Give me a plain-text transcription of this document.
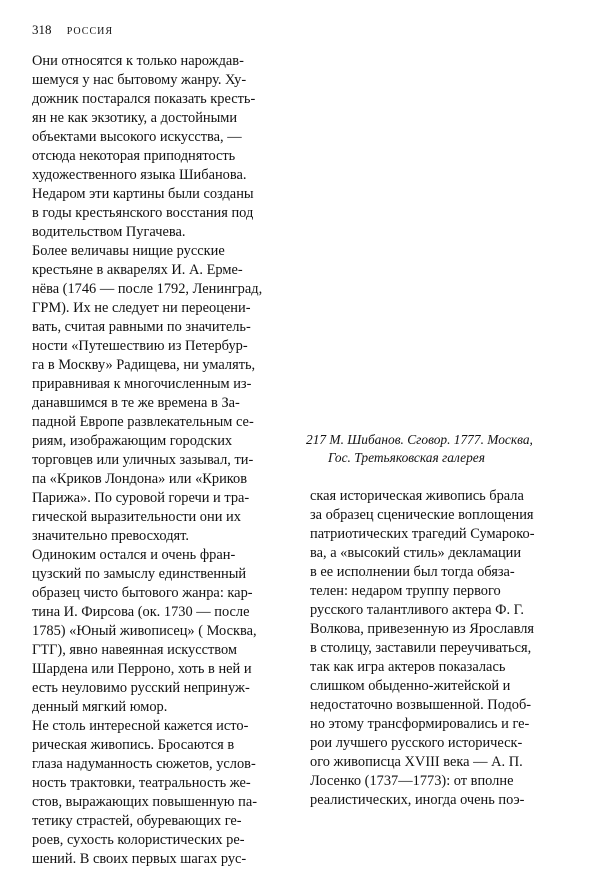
318 РОССИЯ
Они относятся к только нарождав-
шемуся у нас бытовому жанру. Ху-
дожник постарался показать кресть-
ян не как экзотику, а достойными
объектами высокого искусства, —
отсюда некоторая приподнятость
художественного языка Шибанова.
Недаром эти картины были созданы
в годы крестьянского восстания под
водительством Пугачева.
Более величавы нищие русские
крестьяне в акварелях И. А. Ермe-
нёва (1746 — после 1792, Ленинград,
ГРМ). Их не следует ни переоцени-
вать, считая равными по значитель-
ности «Путешествию из Петербур-
га в Москву» Радищева, ни умалять,
приравнивая к многочисленным из-
данавшимся в те же времена в За-
падной Европе развлекательным се-
риям, изображающим городских
торговцев или уличных зазывал, ти-
па «Криков Лондона» или «Криков
Парижа». По суровой горечи и тра-
гической выразительности они их
значительно превосходят.
Одиноким остался и очень фран-
цузский по замыслу единственный
образец чисто бытового жанра: кар-
тина И. Фирсова (ок. 1730 — после
1785) «Юный живописец» ( Москва,
ГТГ), явно навеянная искусством
Шардена или Перроно, хоть в ней и
есть неуловимо русский непринуж-
денный мягкий юмор.
Не столь интересной кажется исто-
рическая живопись. Бросаются в
глаза надуманность сюжетов, услов-
ность трактовки, театральность же-
стов, выражающих повышенную па-
тетику страстей, обуревающих ге-
роев, сухость колористических ре-
шений. В своих первых шагах рус-
217 М. Шибанов. Сговор. 1777. Москва,
Гос. Третьяковская галерея
ская историческая живопись брала
за образец сценические воплощения
патриотических трагедий Сумароко-
ва, а «высокий стиль» декламации
в ее исполнении был тогда обяза-
телен: недаром труппу первого
русского талантливого актера Ф. Г.
Волкова, привезенную из Ярославля
в столицу, заставили переучиваться,
так как игра актеров показалась
слишком обыденно-житейской и
недостаточно возвышенной. Подоб-
но этому трансформировались и ге-
рои лучшего русского историческ-
ого живописца XVIII века — А. П.
Лосенко (1737—1773): от вполне
реалистических, иногда очень поэ-
